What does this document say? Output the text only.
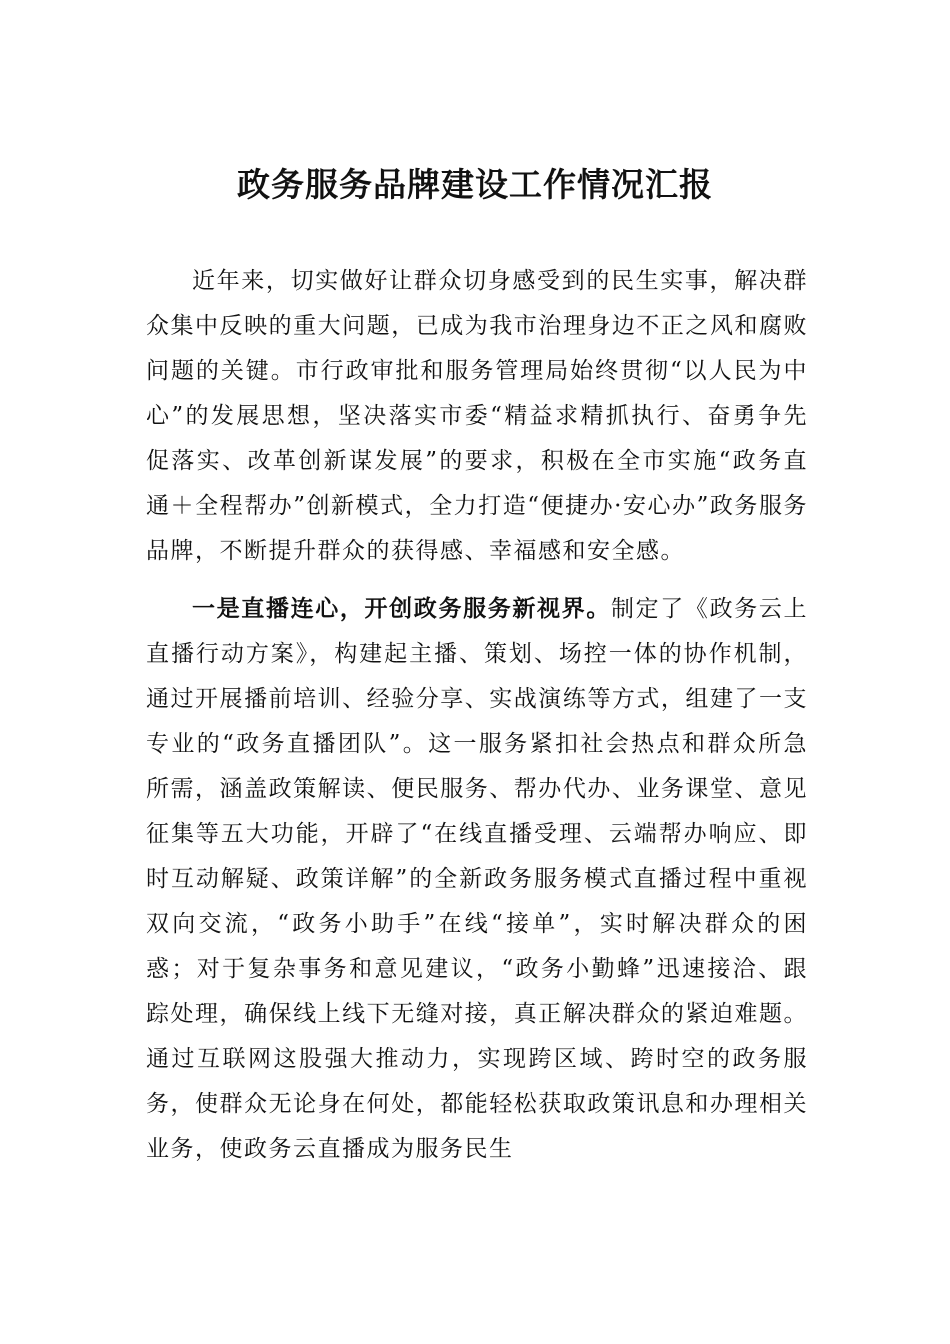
政务服务品牌建设工作情况汇报

近年来，切实做好让群众切身感受到的民生实事，解决群众集中反映的重大问题，已成为我市治理身边不正之风和腐败问题的关键。市行政审批和服务管理局始终贯彻“以人民为中心”的发展思想，坚决落实市委“精益求精抓执行、奋勇争先促落实、改革创新谋发展”的要求，积极在全市实施“政务直通＋全程帮办”创新模式，全力打造“便捷办·安心办”政务服务品牌，不断提升群众的获得感、幸福感和安全感。

一是直播连心，开创政务服务新视界。制定了《政务云上直播行动方案》，构建起主播、策划、场控一体的协作机制，通过开展播前培训、经验分享、实战演练等方式，组建了一支专业的“政务直播团队”。这一服务紧扣社会热点和群众所急所需，涵盖政策解读、便民服务、帮办代办、业务课堂、意见征集等五大功能，开辟了“在线直播受理、云端帮办响应、即时互动解疑、政策详解”的全新政务服务模式直播过程中重视双向交流，“政务小助手”在线“接单”，实时解决群众的困惑；对于复杂事务和意见建议，“政务小勤蜂”迅速接洽、跟踪处理，确保线上线下无缝对接，真正解决群众的紧迫难题。通过互联网这股强大推动力，实现跨区域、跨时空的政务服务，使群众无论身在何处，都能轻松获取政策讯息和办理相关业务，使政务云直播成为服务民生
